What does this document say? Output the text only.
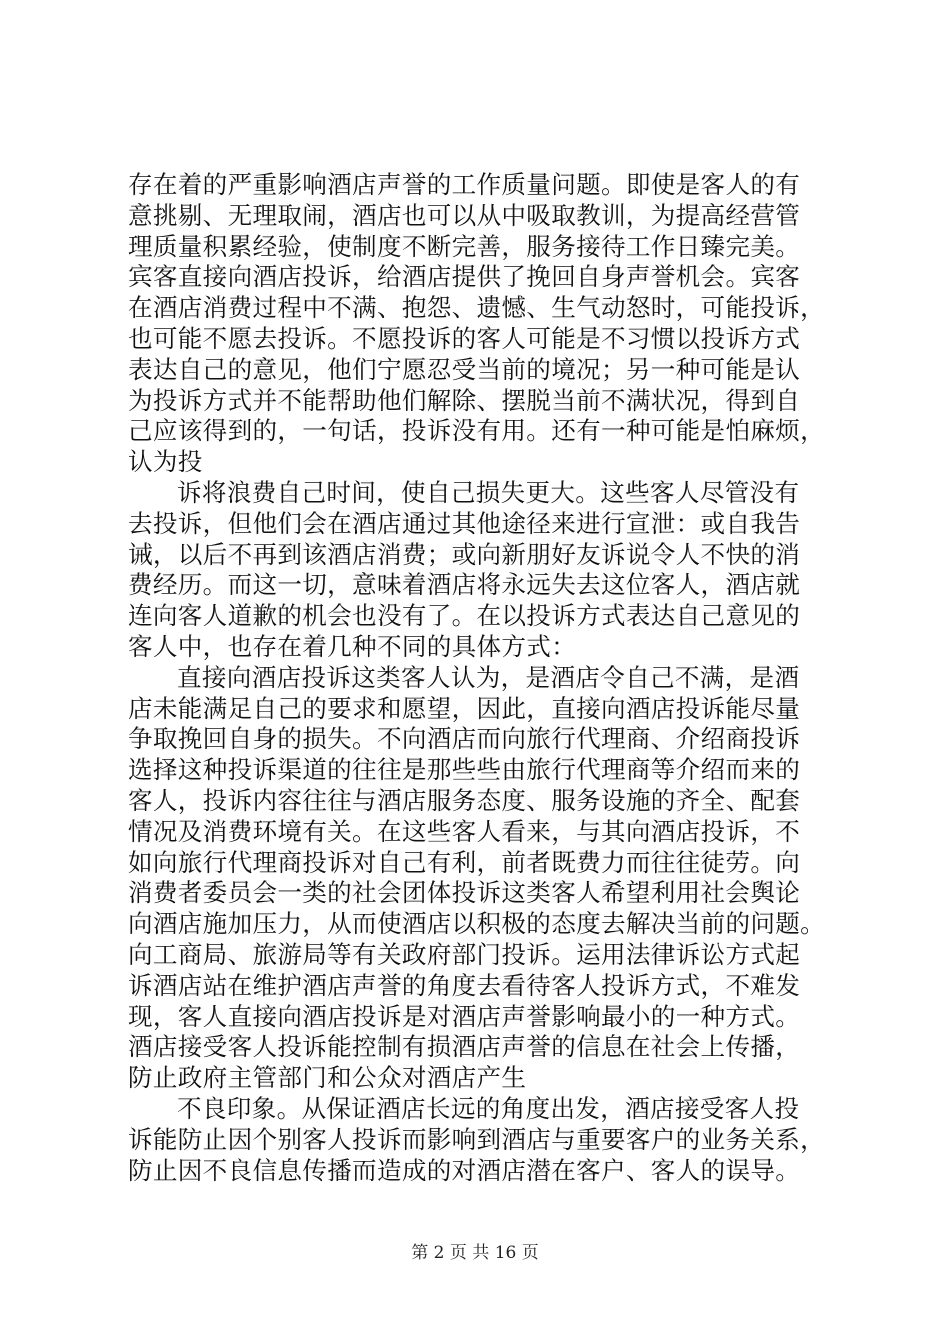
存在着的严重影响酒店声誉的工作质量问题。即使是客人的有
意挑剔、无理取闹，酒店也可以从中吸取教训，为提高经营管
理质量积累经验，使制度不断完善，服务接待工作日臻完美。
宾客直接向酒店投诉，给酒店提供了挽回自身声誉机会。宾客
在酒店消费过程中不满、抱怨、遗憾、生气动怒时，可能投诉，
也可能不愿去投诉。不愿投诉的客人可能是不习惯以投诉方式
表达自己的意见，他们宁愿忍受当前的境况；另一种可能是认
为投诉方式并不能帮助他们解除、摆脱当前不满状况，得到自
己应该得到的，一句话，投诉没有用。还有一种可能是怕麻烦，
认为投
诉将浪费自己时间，使自己损失更大。这些客人尽管没有
去投诉，但他们会在酒店通过其他途径来进行宣泄：或自我告
诫，以后不再到该酒店消费；或向新朋好友诉说令人不快的消
费经历。而这一切，意味着酒店将永远失去这位客人，酒店就
连向客人道歉的机会也没有了。在以投诉方式表达自己意见的
客人中，也存在着几种不同的具体方式：
直接向酒店投诉这类客人认为，是酒店令自己不满，是酒
店未能满足自己的要求和愿望，因此，直接向酒店投诉能尽量
争取挽回自身的损失。不向酒店而向旅行代理商、介绍商投诉
选择这种投诉渠道的往往是那些些由旅行代理商等介绍而来的
客人，投诉内容往往与酒店服务态度、服务设施的齐全、配套
情况及消费环境有关。在这些客人看来，与其向酒店投诉，不
如向旅行代理商投诉对自己有利，前者既费力而往往徒劳。向
消费者委员会一类的社会团体投诉这类客人希望利用社会舆论
向酒店施加压力，从而使酒店以积极的态度去解决当前的问题。
向工商局、旅游局等有关政府部门投诉。运用法律诉讼方式起
诉酒店站在维护酒店声誉的角度去看待客人投诉方式，不难发
现，客人直接向酒店投诉是对酒店声誉影响最小的一种方式。
酒店接受客人投诉能控制有损酒店声誉的信息在社会上传播，
防止政府主管部门和公众对酒店产生
不良印象。从保证酒店长远的角度出发，酒店接受客人投
诉能防止因个别客人投诉而影响到酒店与重要客户的业务关系，
防止因不良信息传播而造成的对酒店潜在客户、客人的误导。
第 2 页 共 16 页
